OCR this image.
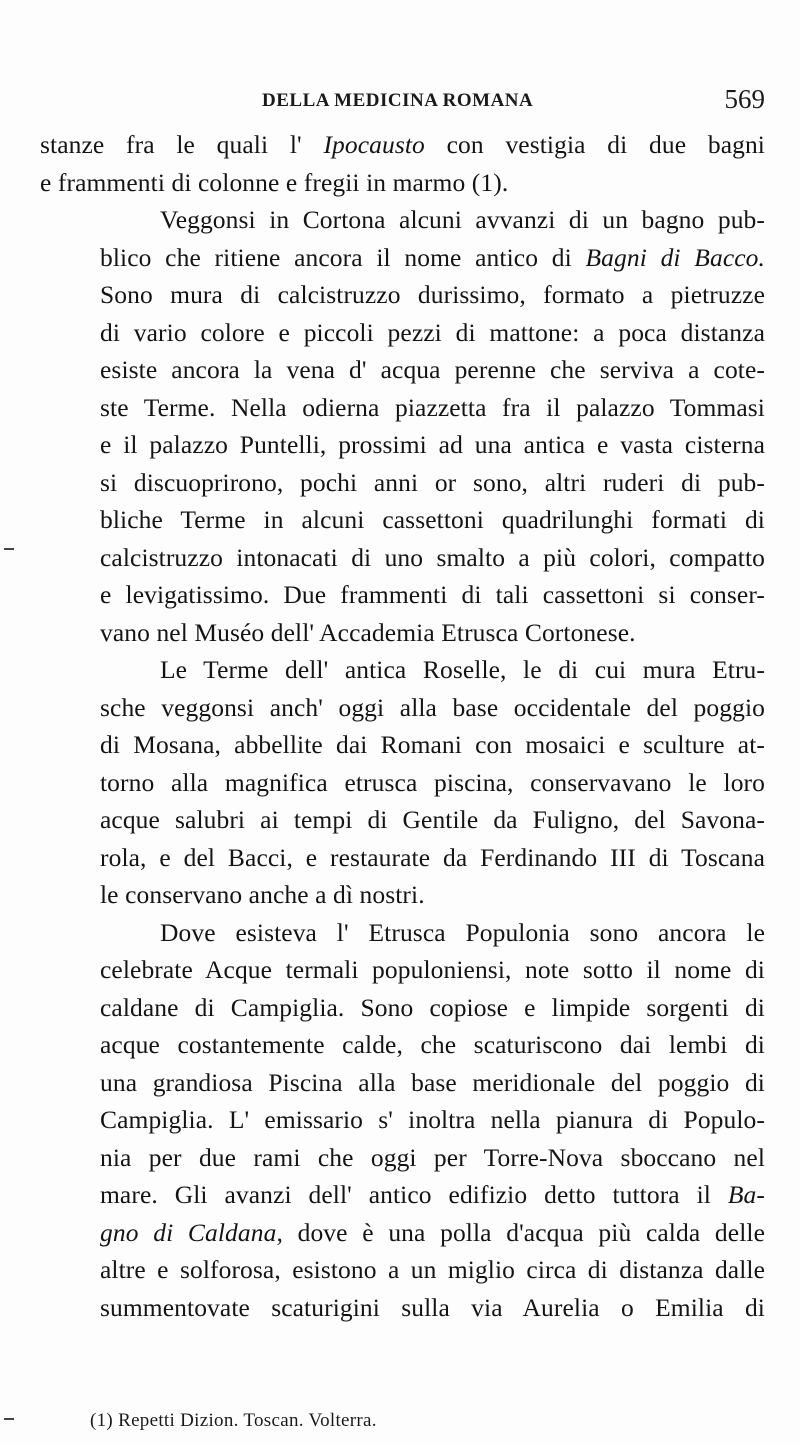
DELLA MEDICINA ROMANA	569
stanze fra le quali l' Ipocausto con vestigia di due bagni
e frammenti di colonne e fregii in marmo (1).
Veggonsi in Cortona alcuni avvanzi di un bagno pub-
blico che ritiene ancora il nome antico di Bagni di Bacco.
Sono mura di calcistruzzo durissimo, formato a pietruzze
di vario colore e piccoli pezzi di mattone: a poca distanza
esiste ancora la vena d' acqua perenne che serviva a cote-
ste Terme. Nella odierna piazzetta fra il palazzo Tommasi
e il palazzo Puntelli, prossimi ad una antica e vasta cisterna
si discuoprirono, pochi anni or sono, altri ruderi di pub-
bliche Terme in alcuni cassettoni quadrilunghi formati di
calcistruzzo intonacati di uno smalto a più colori, compatto
e levigatissimo. Due frammenti di tali cassettoni si conser-
vano nel Muséo dell' Accademia Etrusca Cortonese.
Le Terme dell' antica Roselle, le di cui mura Etru-
sche veggonsi anch' oggi alla base occidentale del poggio
di Mosana, abbellite dai Romani con mosaici e sculture at-
torno alla magnifica etrusca piscina, conservavano le loro
acque salubri ai tempi di Gentile da Fuligno, del Savona-
rola, e del Bacci, e restaurate da Ferdinando III di Toscana
le conservano anche a dì nostri.
Dove esisteva l' Etrusca Populonia sono ancora le
celebrate Acque termali populoniensi, note sotto il nome di
caldane di Campiglia. Sono copiose e limpide sorgenti di
acque costantemente calde, che scaturiscono dai lembi di
una grandiosa Piscina alla base meridionale del poggio di
Campiglia. L' emissario s' inoltra nella pianura di Populo-
nia per due rami che oggi per Torre-Nova sboccano nel
mare. Gli avanzi dell' antico edifizio detto tuttora il Ba-
gno di Caldana, dove è una polla d'acqua più calda delle
altre e solforosa, esistono a un miglio circa di distanza dalle
summentovate scaturigini sulla via Aurelia o Emilia di
(1) Repetti Dizion. Toscan. Volterra.
